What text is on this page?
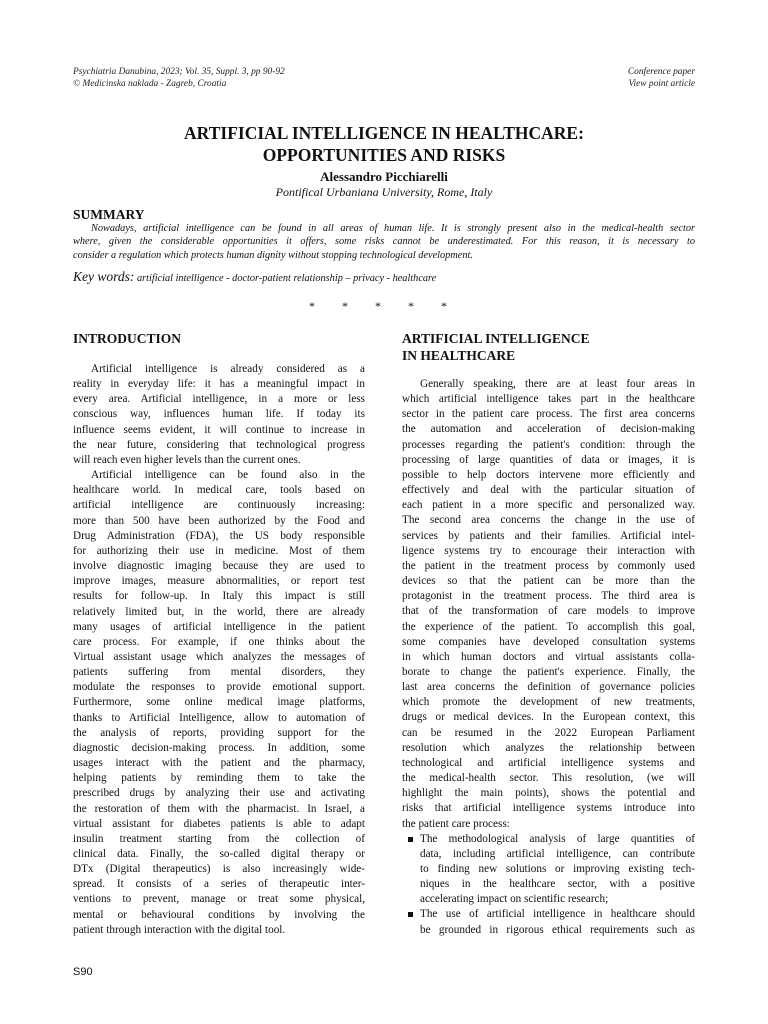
Psychiatria Danubina, 2023; Vol. 35, Suppl. 3, pp 90-92
© Medicinska naklada - Zagreb, Croatia
Conference paper
View point article
ARTIFICIAL INTELLIGENCE IN HEALTHCARE:
OPPORTUNITIES AND RISKS
Alessandro Picchiarelli
Pontifical Urbaniana University, Rome, Italy
SUMMARY
Nowadays, artificial intelligence can be found in all areas of human life. It is strongly present also in the medical-health sector
where, given the considerable opportunities it offers, some risks cannot be underestimated. For this reason, it is necessary to
consider a regulation which protects human dignity without stopping technological development.
Key words: artificial intelligence - doctor-patient relationship – privacy - healthcare
* * * * *
INTRODUCTION
Artificial intelligence is already considered as a
reality in everyday life: it has a meaningful impact in
every area. Artificial intelligence, in a more or less
conscious way, influences human life. If today its
influence seems evident, it will continue to increase in
the near future, considering that technological progress
will reach even higher levels than the current ones.
Artificial intelligence can be found also in the
healthcare world. In medical care, tools based on
artificial intelligence are continuously increasing:
more than 500 have been authorized by the Food and
Drug Administration (FDA), the US body responsible
for authorizing their use in medicine. Most of them
involve diagnostic imaging because they are used to
improve images, measure abnormalities, or report test
results for follow-up. In Italy this impact is still
relatively limited but, in the world, there are already
many usages of artificial intelligence in the patient
care process. For example, if one thinks about the
Virtual assistant usage which analyzes the messages of
patients suffering from mental disorders, they
modulate the responses to provide emotional support.
Furthermore, some online medical image platforms,
thanks to Artificial Intelligence, allow to automation of
the analysis of reports, providing support for the
diagnostic decision-making process. In addition, some
usages interact with the patient and the pharmacy,
helping patients by reminding them to take the
prescribed drugs by analyzing their use and activating
the restoration of them with the pharmacist. In Israel, a
virtual assistant for diabetes patients is able to adapt
insulin treatment starting from the collection of
clinical data. Finally, the so-called digital therapy or
DTx (Digital therapeutics) is also increasingly wide-
spread. It consists of a series of therapeutic inter-
ventions to prevent, manage or treat some physical,
mental or behavioural conditions by involving the
patient through interaction with the digital tool.
ARTIFICIAL INTELLIGENCE
IN HEALTHCARE
Generally speaking, there are at least four areas in
which artificial intelligence takes part in the healthcare
sector in the patient care process. The first area concerns
the automation and acceleration of decision-making
processes regarding the patient's condition: through the
processing of large quantities of data or images, it is
possible to help doctors intervene more efficiently and
effectively and deal with the particular situation of
each patient in a more specific and personalized way.
The second area concerns the change in the use of
services by patients and their families. Artificial intel-
ligence systems try to encourage their interaction with
the patient in the treatment process by commonly used
devices so that the patient can be more than the
protagonist in the treatment process. The third area is
that of the transformation of care models to improve
the experience of the patient. To accomplish this goal,
some companies have developed consultation systems
in which human doctors and virtual assistants colla-
borate to change the patient's experience. Finally, the
last area concerns the definition of governance policies
which promote the development of new treatments,
drugs or medical devices. In the European context, this
can be resumed in the 2022 European Parliament
resolution which analyzes the relationship between
technological and artificial intelligence systems and
the medical-health sector. This resolution, (we will
highlight the main points), shows the potential and
risks that artificial intelligence systems introduce into
the patient care process:
The methodological analysis of large quantities of
data, including artificial intelligence, can contribute
to finding new solutions or improving existing tech-
niques in the healthcare sector, with a positive
accelerating impact on scientific research;
The use of artificial intelligence in healthcare should
be grounded in rigorous ethical requirements such as
S90
